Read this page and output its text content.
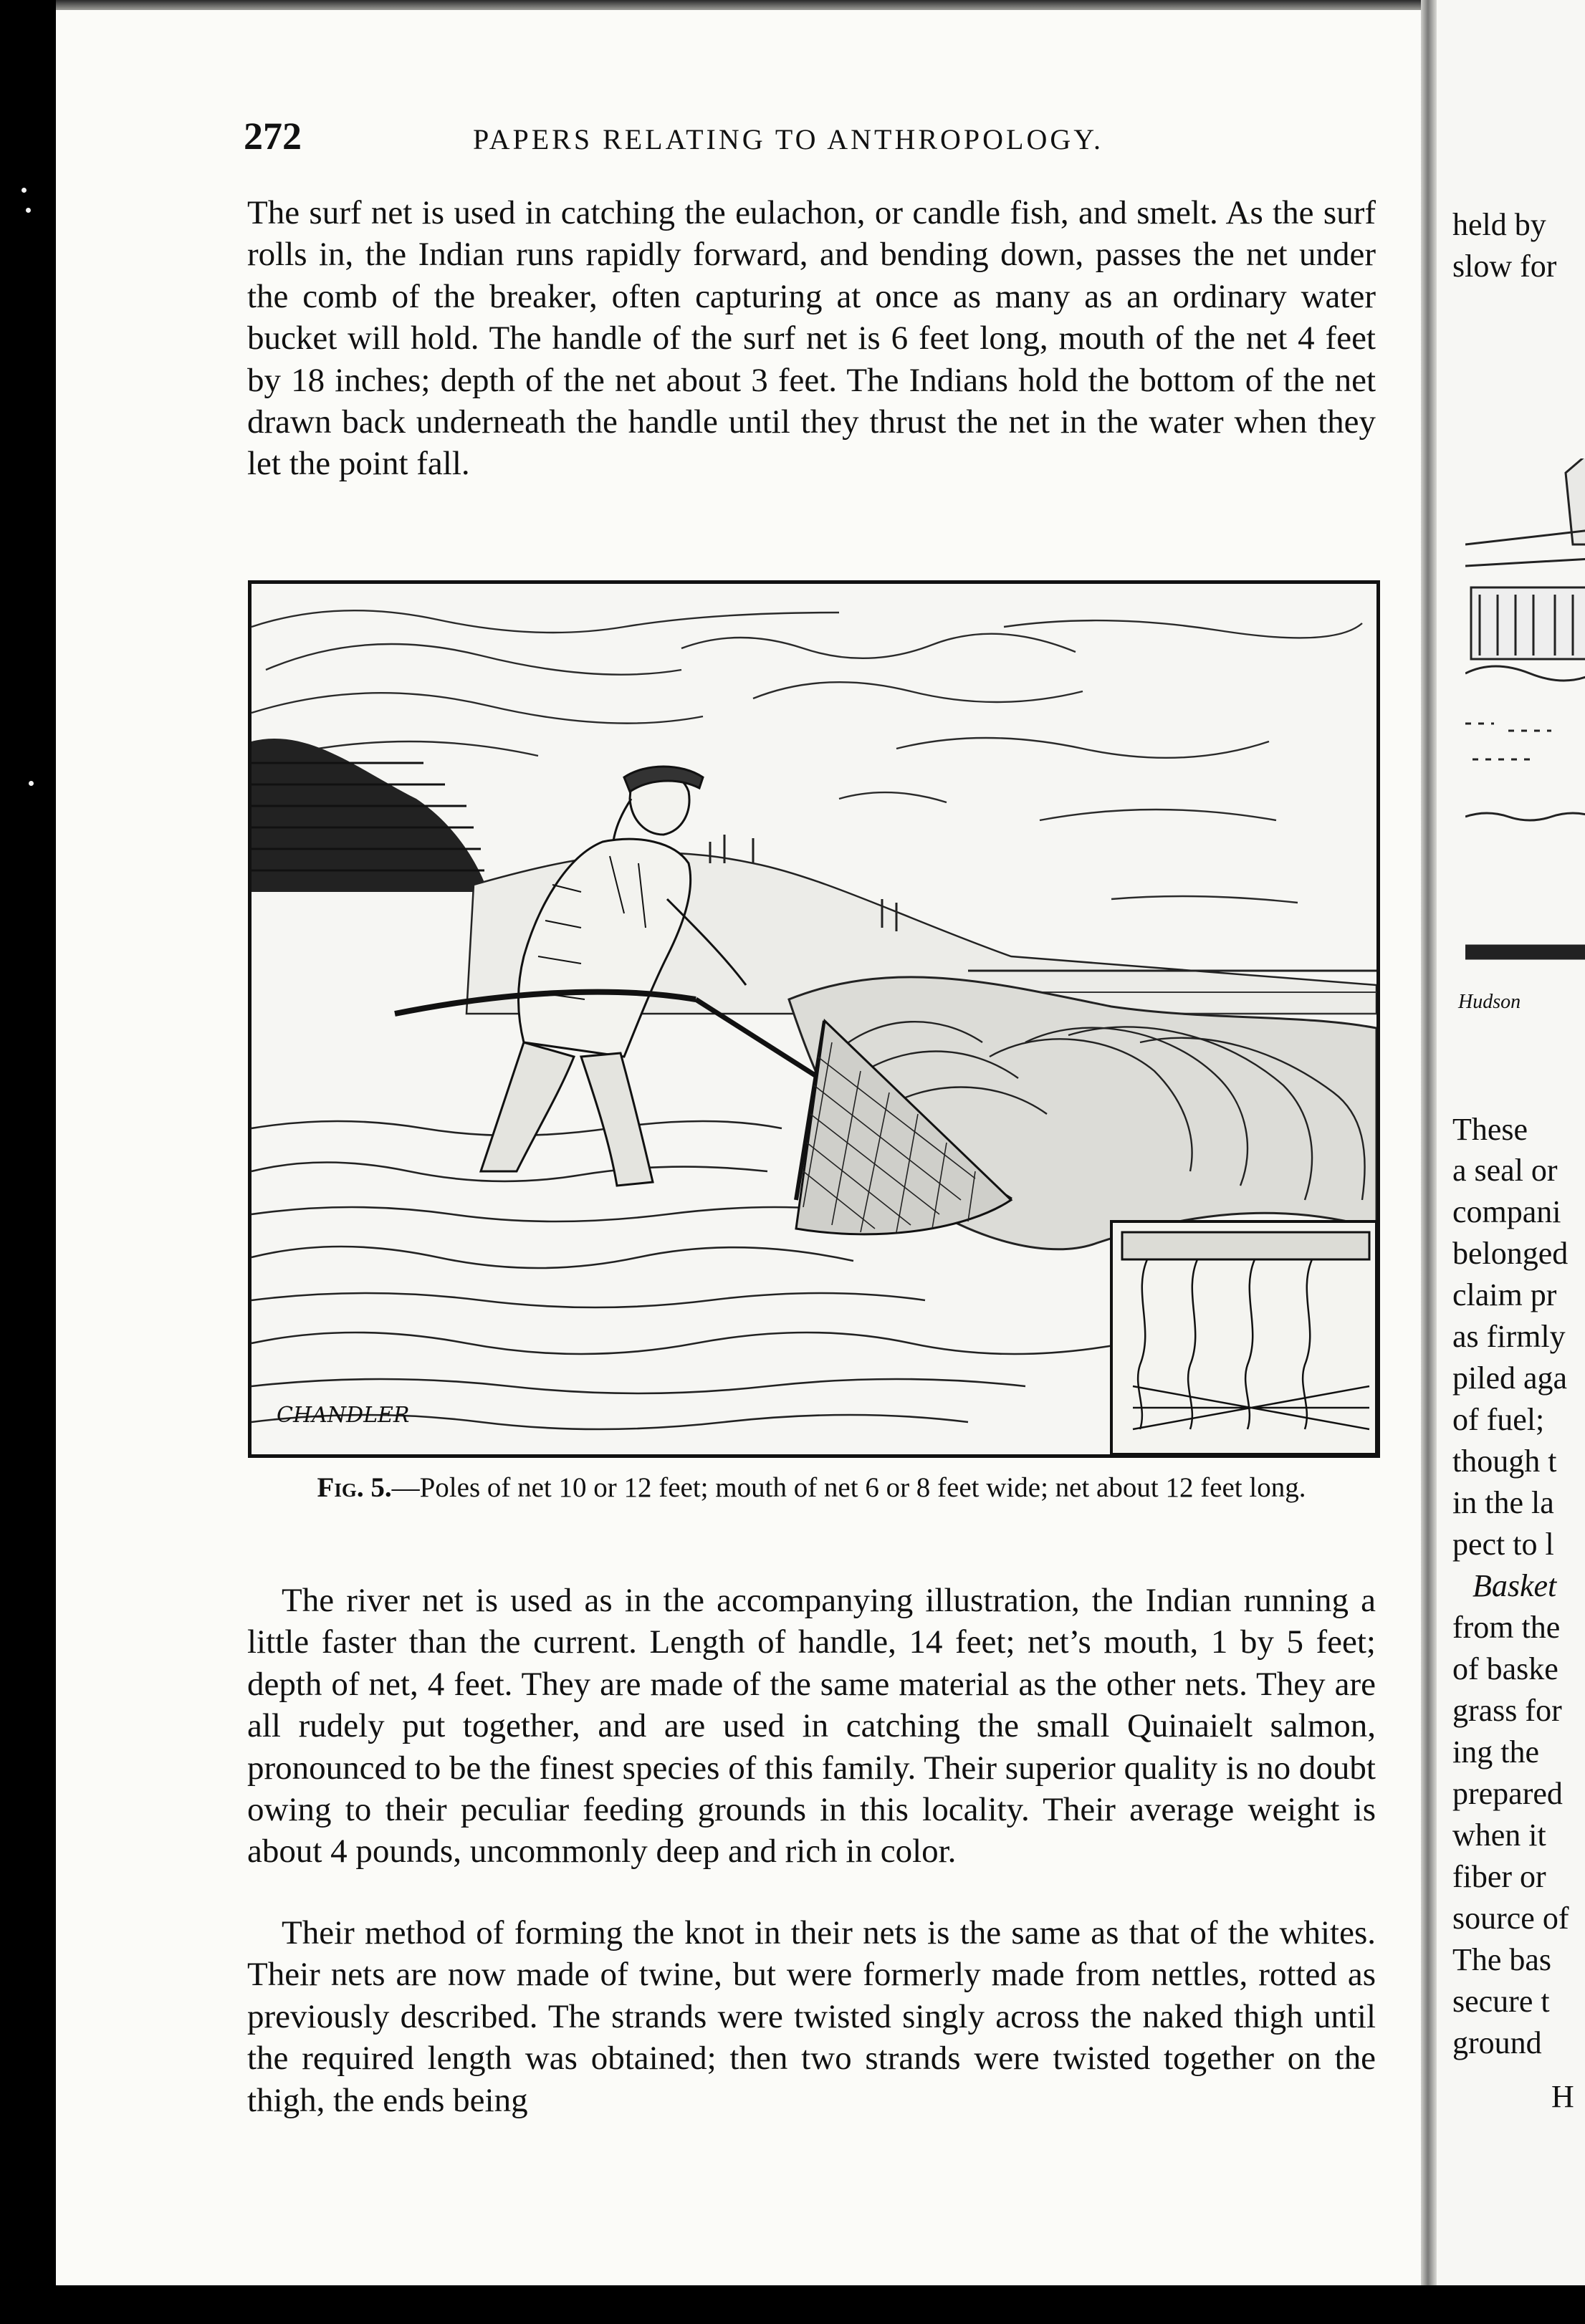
held by
slow for
Hudson
These
a seal or
compani
belonged
claim pr
as firmly
piled aga
of fuel;
though t
in the la
pect to l
Basket
from the
of baske
grass for
ing the
prepared
when it
fiber or
source of
The bas
secure t
ground
H
272	PAPERS RELATING TO ANTHROPOLOGY.
The surf net is used in catching the eulachon, or candle fish, and smelt. As the surf rolls in, the Indian runs rapidly forward, and bending down, passes the net under the comb of the breaker, often capturing at once as many as an ordinary water bucket will hold. The handle of the surf net is 6 feet long, mouth of the net 4 feet by 18 inches; depth of the net about 3 feet. The Indians hold the bottom of the net drawn back underneath the handle until they thrust the net in the water when they let the point fall.
CHANDLER
Fig. 5.—Poles of net 10 or 12 feet; mouth of net 6 or 8 feet wide; net about 12 feet long.
The river net is used as in the accompanying illustration, the Indian running a little faster than the current. Length of handle, 14 feet; net’s mouth, 1 by 5 feet; depth of net, 4 feet. They are made of the same material as the other nets. They are all rudely put together, and are used in catching the small Quinaielt salmon, pronounced to be the finest species of this family. Their superior quality is no doubt owing to their peculiar feeding grounds in this locality. Their average weight is about 4 pounds, uncommonly deep and rich in color.
Their method of forming the knot in their nets is the same as that of the whites. Their nets are now made of twine, but were formerly made from nettles, rotted as previously described. The strands were twisted singly across the naked thigh until the required length was obtained; then two strands were twisted together on the thigh, the ends being
